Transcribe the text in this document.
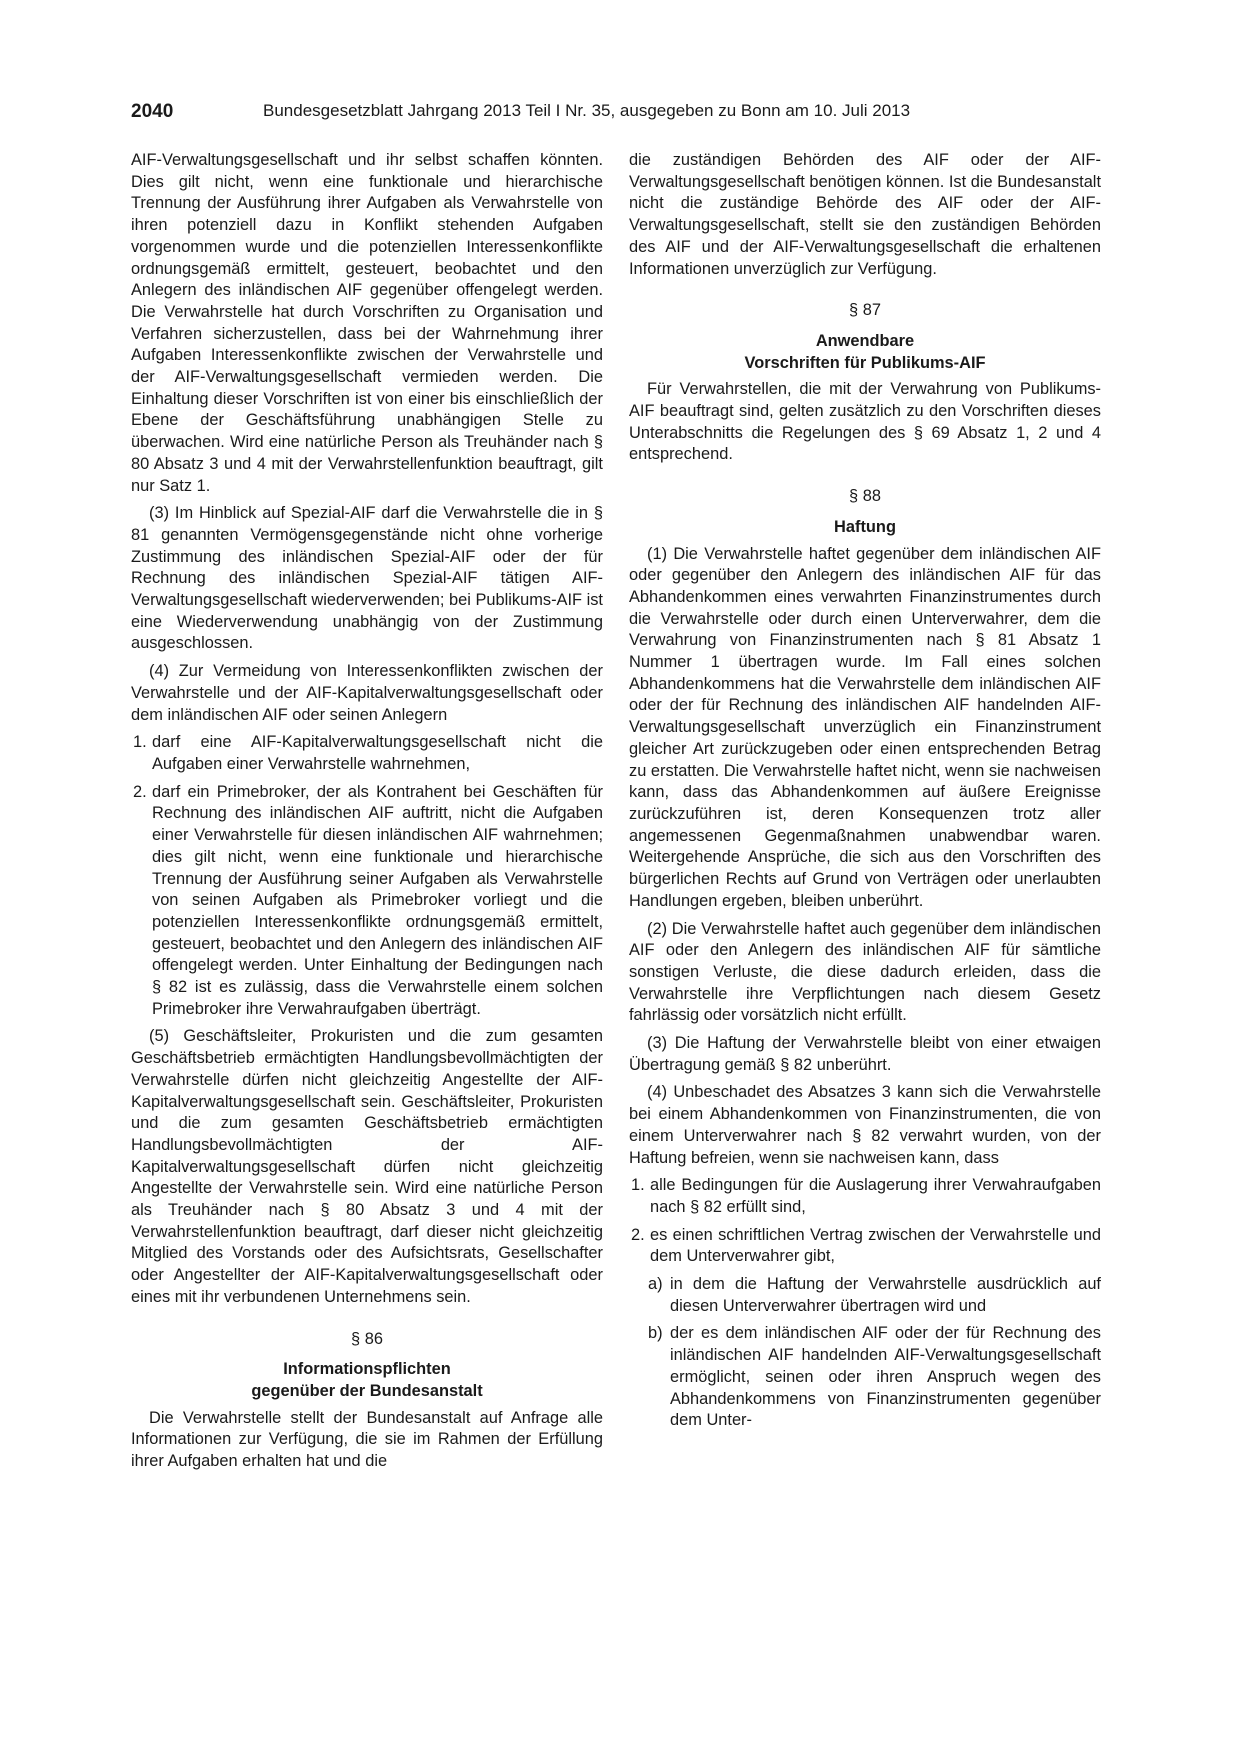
2040	Bundesgesetzblatt Jahrgang 2013 Teil I Nr. 35, ausgegeben zu Bonn am 10. Juli 2013

AIF-Verwaltungsgesellschaft und ihr selbst schaffen könnten. Dies gilt nicht, wenn eine funktionale und hierarchische Trennung der Ausführung ihrer Aufgaben als Verwahrstelle von ihren potenziell dazu in Konflikt stehenden Aufgaben vorgenommen wurde und die potenziellen Interessenkonflikte ordnungsgemäß ermittelt, gesteuert, beobachtet und den Anlegern des inländischen AIF gegenüber offengelegt werden. Die Verwahrstelle hat durch Vorschriften zu Organisation und Verfahren sicherzustellen, dass bei der Wahrnehmung ihrer Aufgaben Interessenkonflikte zwischen der Verwahrstelle und der AIF-Verwaltungsgesellschaft vermieden werden. Die Einhaltung dieser Vorschriften ist von einer bis einschließlich der Ebene der Geschäftsführung unabhängigen Stelle zu überwachen. Wird eine natürliche Person als Treuhänder nach § 80 Absatz 3 und 4 mit der Verwahrstellenfunktion beauftragt, gilt nur Satz 1.

(3) Im Hinblick auf Spezial-AIF darf die Verwahrstelle die in § 81 genannten Vermögensgegenstände nicht ohne vorherige Zustimmung des inländischen Spezial-AIF oder der für Rechnung des inländischen Spezial-AIF tätigen AIF-Verwaltungsgesellschaft wiederverwenden; bei Publikums-AIF ist eine Wiederverwendung unabhängig von der Zustimmung ausgeschlossen.

(4) Zur Vermeidung von Interessenkonflikten zwischen der Verwahrstelle und der AIF-Kapitalverwaltungsgesellschaft oder dem inländischen AIF oder seinen Anlegern

1. darf eine AIF-Kapitalverwaltungsgesellschaft nicht die Aufgaben einer Verwahrstelle wahrnehmen,
2. darf ein Primebroker, der als Kontrahent bei Geschäften für Rechnung des inländischen AIF auftritt, nicht die Aufgaben einer Verwahrstelle für diesen inländischen AIF wahrnehmen; dies gilt nicht, wenn eine funktionale und hierarchische Trennung der Ausführung seiner Aufgaben als Verwahrstelle von seinen Aufgaben als Primebroker vorliegt und die potenziellen Interessenkonflikte ordnungsgemäß ermittelt, gesteuert, beobachtet und den Anlegern des inländischen AIF offengelegt werden. Unter Einhaltung der Bedingungen nach § 82 ist es zulässig, dass die Verwahrstelle einem solchen Primebroker ihre Verwahraufgaben überträgt.

(5) Geschäftsleiter, Prokuristen und die zum gesamten Geschäftsbetrieb ermächtigten Handlungsbevollmächtigten der Verwahrstelle dürfen nicht gleichzeitig Angestellte der AIF-Kapitalverwaltungsgesellschaft sein. Geschäftsleiter, Prokuristen und die zum gesamten Geschäftsbetrieb ermächtigten Handlungsbevollmächtigten der AIF-Kapitalverwaltungsgesellschaft dürfen nicht gleichzeitig Angestellte der Verwahrstelle sein. Wird eine natürliche Person als Treuhänder nach § 80 Absatz 3 und 4 mit der Verwahrstellenfunktion beauftragt, darf dieser nicht gleichzeitig Mitglied des Vorstands oder des Aufsichtsrats, Gesellschafter oder Angestellter der AIF-Kapitalverwaltungsgesellschaft oder eines mit ihr verbundenen Unternehmens sein.

§ 86
Informationspflichten
gegenüber der Bundesanstalt

Die Verwahrstelle stellt der Bundesanstalt auf Anfrage alle Informationen zur Verfügung, die sie im Rahmen der Erfüllung ihrer Aufgaben erhalten hat und die

die zuständigen Behörden des AIF oder der AIF-Verwaltungsgesellschaft benötigen können. Ist die Bundesanstalt nicht die zuständige Behörde des AIF oder der AIF-Verwaltungsgesellschaft, stellt sie den zuständigen Behörden des AIF und der AIF-Verwaltungsgesellschaft die erhaltenen Informationen unverzüglich zur Verfügung.

§ 87
Anwendbare
Vorschriften für Publikums-AIF

Für Verwahrstellen, die mit der Verwahrung von Publikums-AIF beauftragt sind, gelten zusätzlich zu den Vorschriften dieses Unterabschnitts die Regelungen des § 69 Absatz 1, 2 und 4 entsprechend.

§ 88
Haftung

(1) Die Verwahrstelle haftet gegenüber dem inländischen AIF oder gegenüber den Anlegern des inländischen AIF für das Abhandenkommen eines verwahrten Finanzinstrumentes durch die Verwahrstelle oder durch einen Unterverwahrer, dem die Verwahrung von Finanzinstrumenten nach § 81 Absatz 1 Nummer 1 übertragen wurde. Im Fall eines solchen Abhandenkommens hat die Verwahrstelle dem inländischen AIF oder der für Rechnung des inländischen AIF handelnden AIF-Verwaltungsgesellschaft unverzüglich ein Finanzinstrument gleicher Art zurückzugeben oder einen entsprechenden Betrag zu erstatten. Die Verwahrstelle haftet nicht, wenn sie nachweisen kann, dass das Abhandenkommen auf äußere Ereignisse zurückzuführen ist, deren Konsequenzen trotz aller angemessenen Gegenmaßnahmen unabwendbar waren. Weitergehende Ansprüche, die sich aus den Vorschriften des bürgerlichen Rechts auf Grund von Verträgen oder unerlaubten Handlungen ergeben, bleiben unberührt.

(2) Die Verwahrstelle haftet auch gegenüber dem inländischen AIF oder den Anlegern des inländischen AIF für sämtliche sonstigen Verluste, die diese dadurch erleiden, dass die Verwahrstelle ihre Verpflichtungen nach diesem Gesetz fahrlässig oder vorsätzlich nicht erfüllt.

(3) Die Haftung der Verwahrstelle bleibt von einer etwaigen Übertragung gemäß § 82 unberührt.

(4) Unbeschadet des Absatzes 3 kann sich die Verwahrstelle bei einem Abhandenkommen von Finanzinstrumenten, die von einem Unterverwahrer nach § 82 verwahrt wurden, von der Haftung befreien, wenn sie nachweisen kann, dass

1. alle Bedingungen für die Auslagerung ihrer Verwahraufgaben nach § 82 erfüllt sind,
2. es einen schriftlichen Vertrag zwischen der Verwahrstelle und dem Unterverwahrer gibt,
a) in dem die Haftung der Verwahrstelle ausdrücklich auf diesen Unterverwahrer übertragen wird und
b) der es dem inländischen AIF oder der für Rechnung des inländischen AIF handelnden AIF-Verwaltungsgesellschaft ermöglicht, seinen oder ihren Anspruch wegen des Abhandenkommens von Finanzinstrumenten gegenüber dem Unter-
